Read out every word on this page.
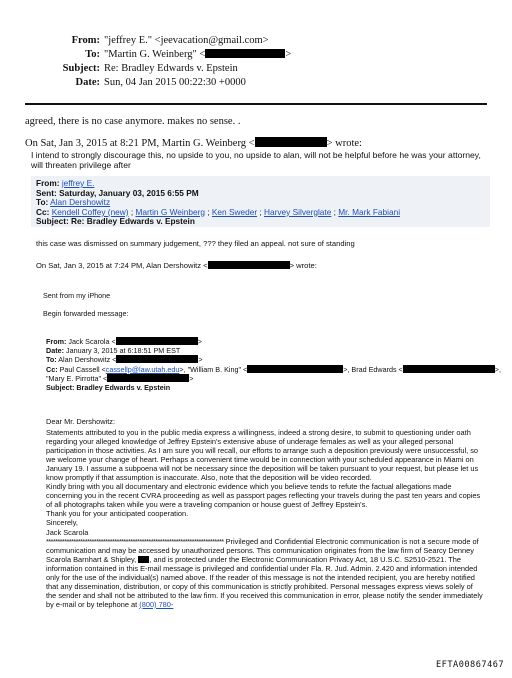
From: "jeffrey E." <jeevacation@gmail.com>
To: "Martin G. Weinberg" <	>
Subject: Re: Bradley Edwards v. Epstein
Date: Sun, 04 Jan 2015 00:22:30 +0000
agreed, there is no case anymore. makes no sense. .
On Sat, Jan 3, 2015 at 8:21 PM, Martin G. Weinberg <	> wrote:
I intend to strongly discourage this, no upside to you, no upside to alan, will not be helpful before he was your attorney, will threaten privilege after
From: jeffrey E.
Sent: Saturday, January 03, 2015 6:55 PM
To: Alan Dershowitz
Cc: Kendell Coffey (new) ; Martin G Weinberg ; Ken Sweder ; Harvey Silverglate ; Mr. Mark Fabiani
Subject: Re: Bradley Edwards v. Epstein
this case was dismissed on summary judgement, ??? they filed an appeal. not sure of standing
On Sat, Jan 3, 2015 at 7:24 PM, Alan Dershowitz <	> wrote:
Sent from my iPhone
Begin forwarded message:
From: Jack Scarola <	>
Date: January 3, 2015 at 6:18:51 PM EST
To: Alan Dershowitz <	>
Cc: Paul Cassell <cassellp@law.utah.edu>, "William B. King" <	>, Brad Edwards <	>,
"Mary E. Pirrotta" <	>
Subject: Bradley Edwards v. Epstein
Dear Mr. Dershowitz:

Statements attributed to you in the public media express a willingness, indeed a strong desire, to submit to questioning under oath regarding your alleged knowledge of Jeffrey Epstein's extensive abuse of underage females as well as your alleged personal participation in those activities. As I am sure you will recall, our efforts to arrange such a deposition previously were unsuccessful, so we welcome your change of heart. Perhaps a convenient time would be in connection with your scheduled appearance in Miami on January 19. I assume a subpoena will not be necessary since the deposition will be taken pursuant to your request, but please let us know promptly if that assumption is inaccurate. Also, note that the deposition will be video recorded.

Kindly bring with you all documentary and electronic evidence which you believe tends to refute the factual allegations made concerning you in the recent CVRA proceeding as well as passport pages reflecting your travels during the past ten years and copies of all photographs taken while you were a traveling companion or house guest of Jeffrey Epstein's.

Thank you for your anticipated cooperation.

Sincerely,

Jack Scarola

****************************************************************************** Privileged and Confidential Electronic communication is not a secure mode of communication and may be accessed by unauthorized persons. This communication originates from the law firm of Searcy Denney Scarola Barnhart & Shipley, , and is protected under the Electronic Communication Privacy Act, 18 U.S.C. S2510-2521. The information contained in this E-mail message is privileged and confidential under Fla. R. Jud. Admin. 2.420 and information intended only for the use of the individual(s) named above. If the reader of this message is not the intended recipient, you are hereby notified that any dissemination, distribution, or copy of this communication is strictly prohibited. Personal messages express views solely of the sender and shall not be attributed to the law firm. If you received this communication in error, please notify the sender immediately by e-mail or by telephone at (800) 780-

EFTA00867467
